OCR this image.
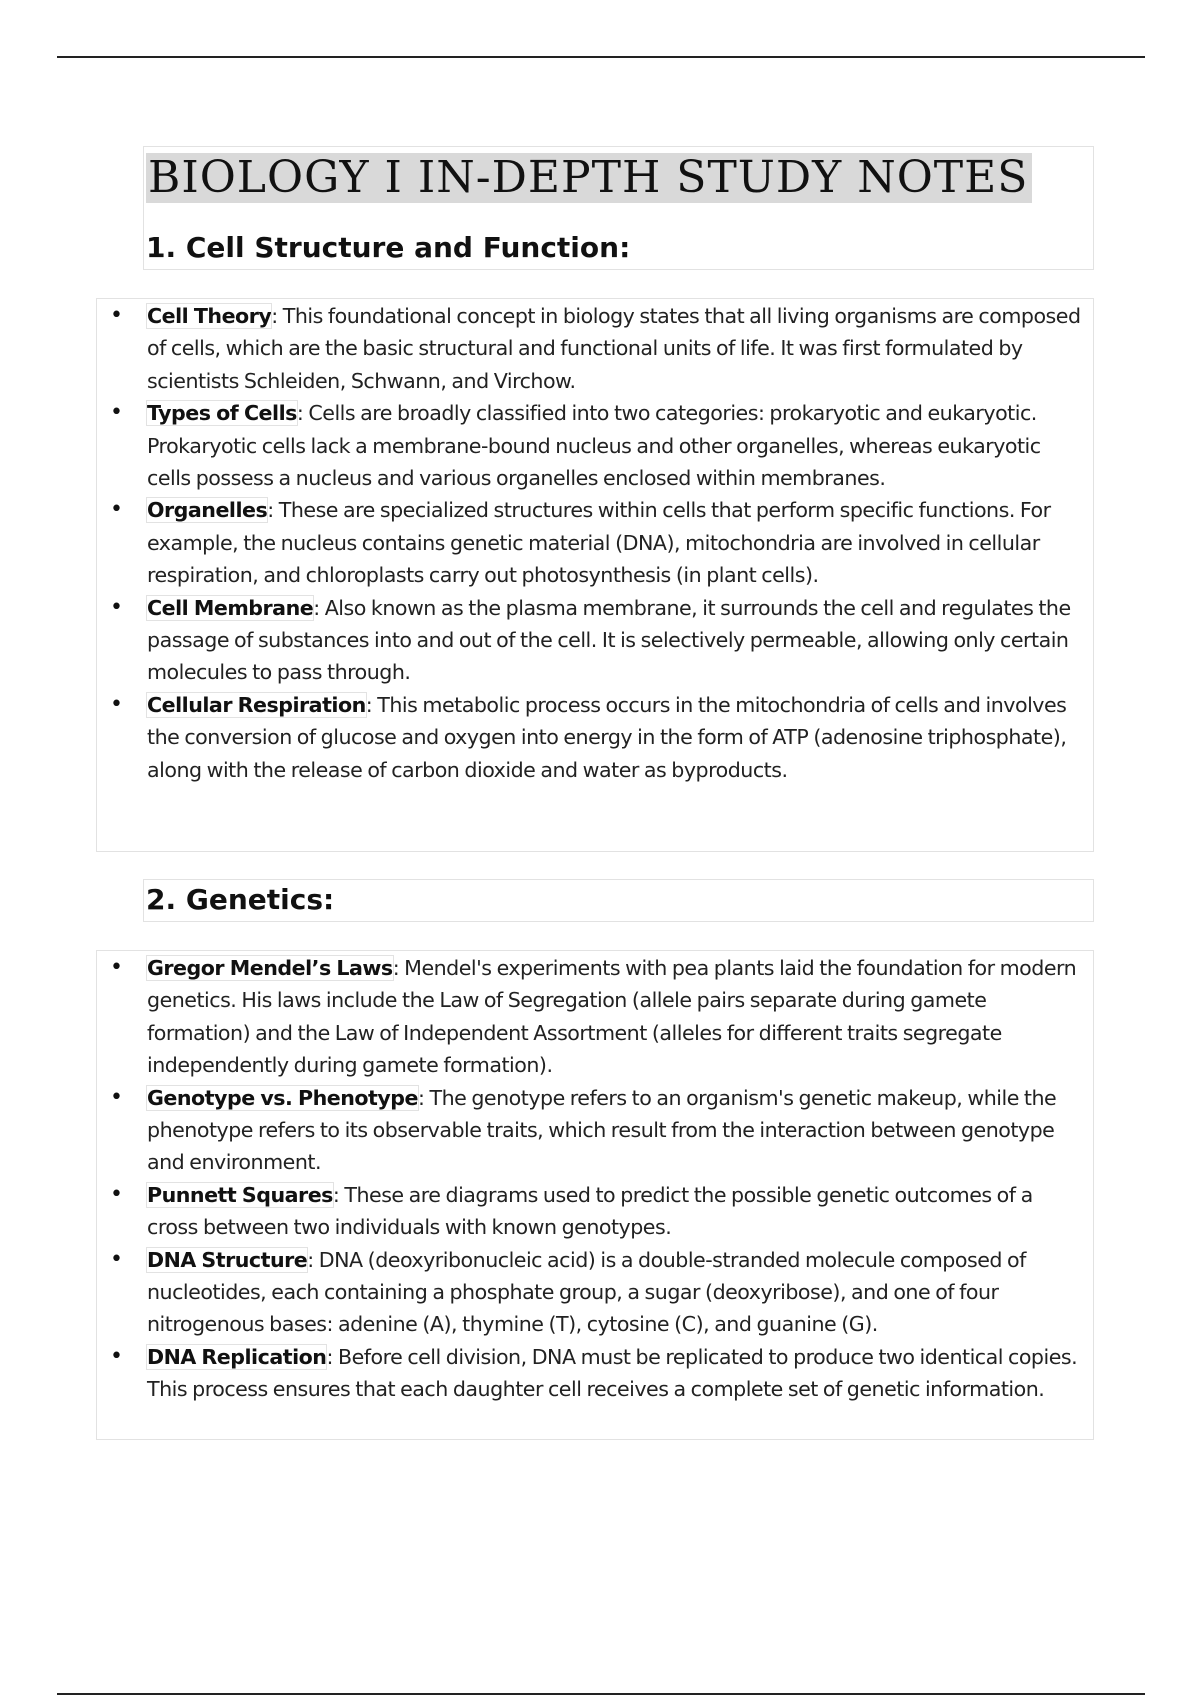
BIOLOGY I IN-DEPTH STUDY NOTES
1. Cell Structure and Function:
• Cell Theory: This foundational concept in biology states that all living organisms are composed of cells, which are the basic structural and functional units of life. It was first formulated by scientists Schleiden, Schwann, and Virchow.
• Types of Cells: Cells are broadly classified into two categories: prokaryotic and eukaryotic. Prokaryotic cells lack a membrane-bound nucleus and other organelles, whereas eukaryotic cells possess a nucleus and various organelles enclosed within membranes.
• Organelles: These are specialized structures within cells that perform specific functions. For example, the nucleus contains genetic material (DNA), mitochondria are involved in cellular respiration, and chloroplasts carry out photosynthesis (in plant cells).
• Cell Membrane: Also known as the plasma membrane, it surrounds the cell and regulates the passage of substances into and out of the cell. It is selectively permeable, allowing only certain molecules to pass through.
• Cellular Respiration: This metabolic process occurs in the mitochondria of cells and involves the conversion of glucose and oxygen into energy in the form of ATP (adenosine triphosphate), along with the release of carbon dioxide and water as byproducts.
2. Genetics:
• Gregor Mendel’s Laws: Mendel's experiments with pea plants laid the foundation for modern genetics. His laws include the Law of Segregation (allele pairs separate during gamete formation) and the Law of Independent Assortment (alleles for different traits segregate independently during gamete formation).
• Genotype vs. Phenotype: The genotype refers to an organism's genetic makeup, while the phenotype refers to its observable traits, which result from the interaction between genotype and environment.
• Punnett Squares: These are diagrams used to predict the possible genetic outcomes of a cross between two individuals with known genotypes.
• DNA Structure: DNA (deoxyribonucleic acid) is a double-stranded molecule composed of nucleotides, each containing a phosphate group, a sugar (deoxyribose), and one of four nitrogenous bases: adenine (A), thymine (T), cytosine (C), and guanine (G).
• DNA Replication: Before cell division, DNA must be replicated to produce two identical copies. This process ensures that each daughter cell receives a complete set of genetic information.
